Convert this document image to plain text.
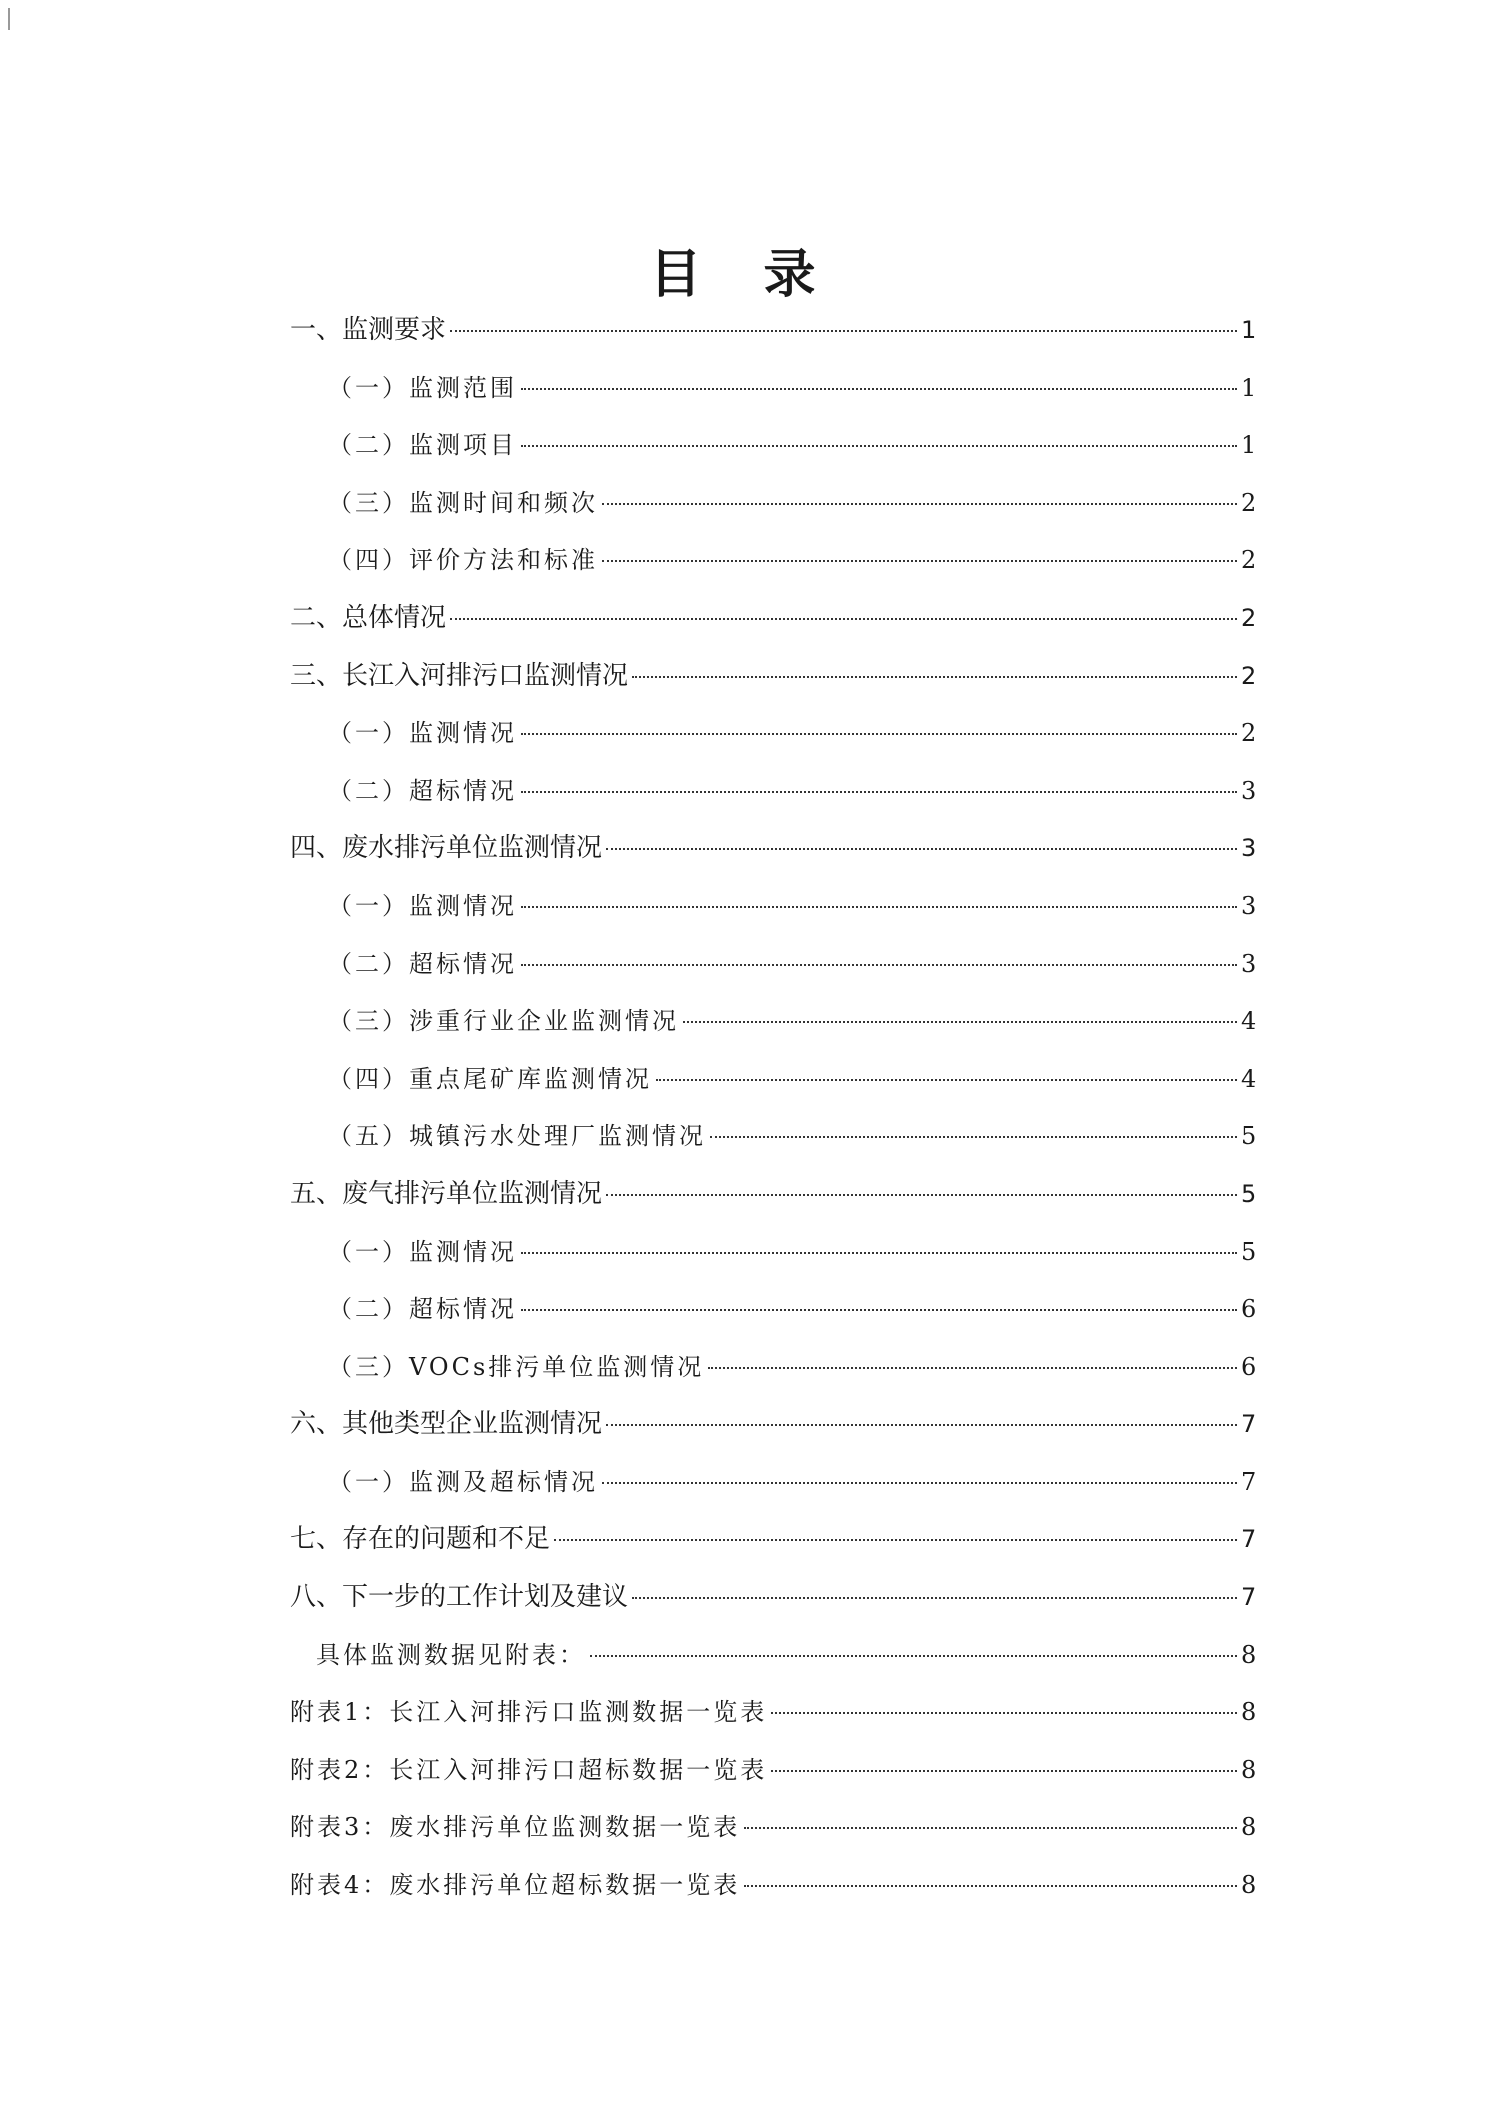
目 录
一、监测要求	1
（一）监测范围	1
（二）监测项目	1
（三）监测时间和频次	2
（四）评价方法和标准	2
二、总体情况	2
三、长江入河排污口监测情况	2
（一）监测情况	2
（二）超标情况	3
四、废水排污单位监测情况	3
（一）监测情况	3
（二）超标情况	3
（三）涉重行业企业监测情况	4
（四）重点尾矿库监测情况	4
（五）城镇污水处理厂监测情况	5
五、废气排污单位监测情况	5
（一）监测情况	5
（二）超标情况	6
（三）VOCs排污单位监测情况	6
六、其他类型企业监测情况	7
（一）监测及超标情况	7
七、存在的问题和不足	7
八、下一步的工作计划及建议	7
具体监测数据见附表：	8
附表1：长江入河排污口监测数据一览表	8
附表2：长江入河排污口超标数据一览表	8
附表3：废水排污单位监测数据一览表	8
附表4：废水排污单位超标数据一览表	8
